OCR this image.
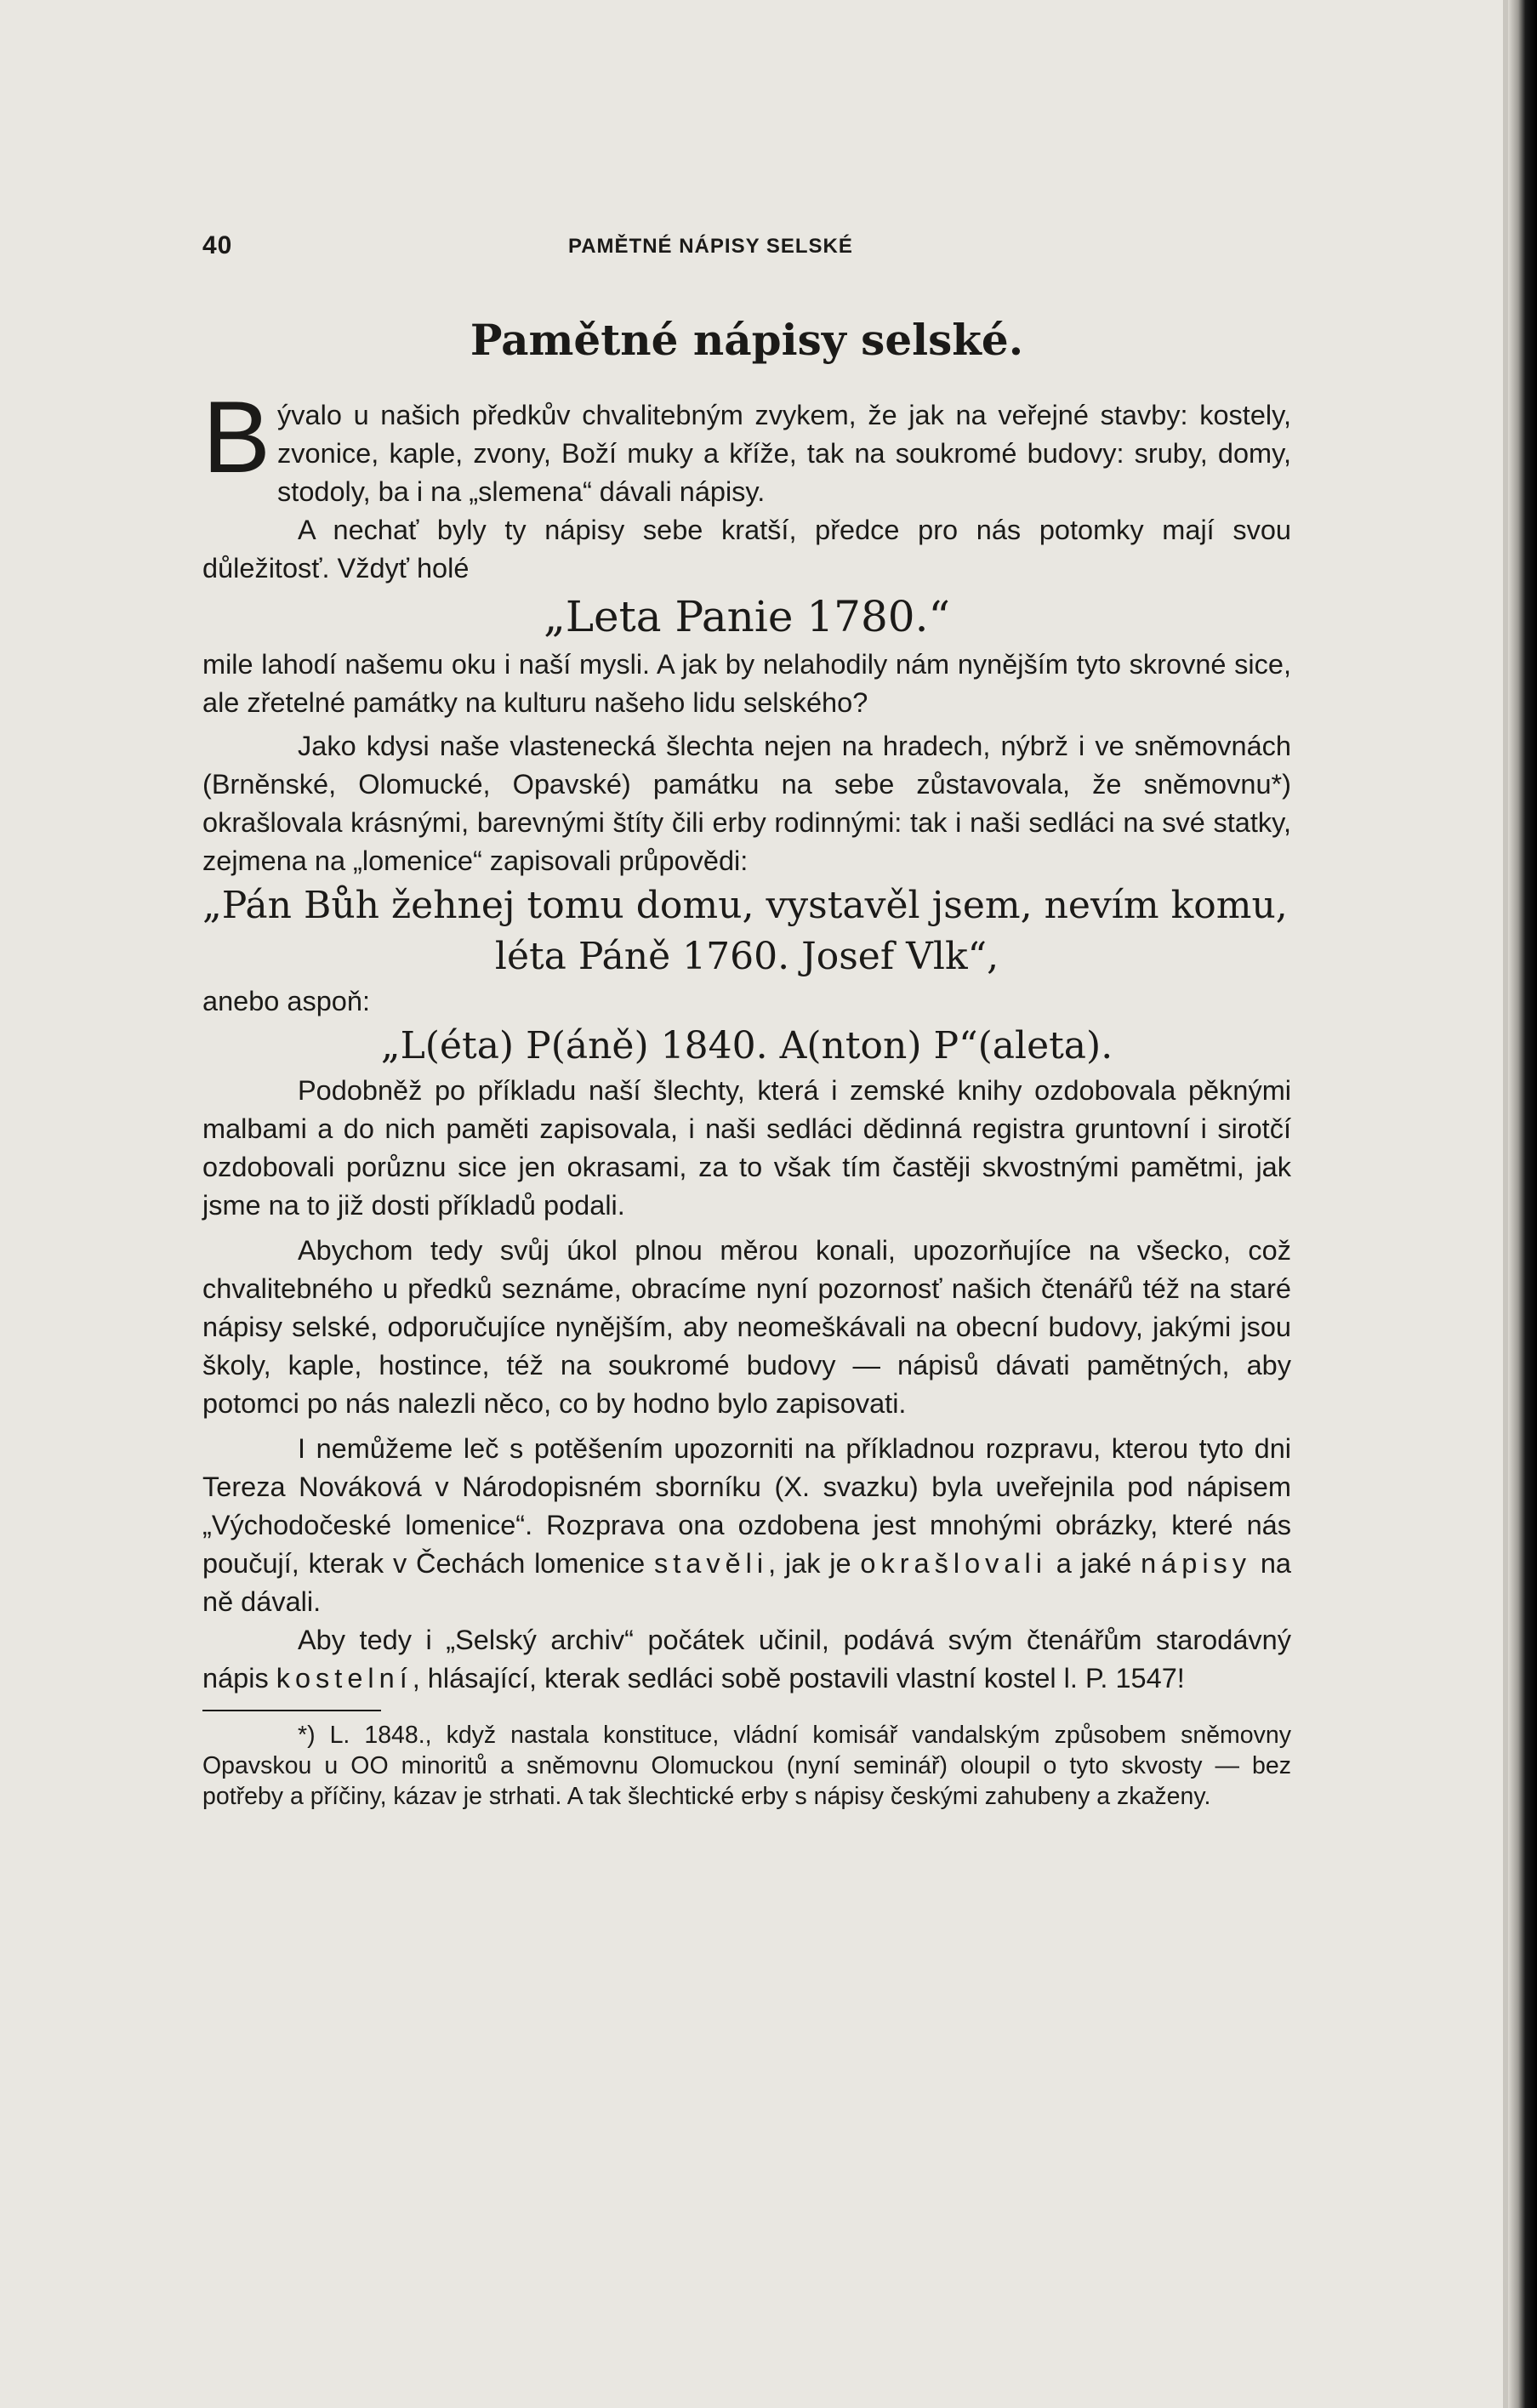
40	PAMĚTNÉ NÁPISY SELSKÉ
Pamětné nápisy selské.

Bývalo u našich předkův chvalitebným zvykem, že jak na veřejné stavby: kostely, zvonice, kaple, zvony, Boží muky a kříže, tak na soukromé budovy: sruby, domy, stodoly, ba i na „slemena“ dávali nápisy.

A nechať byly ty nápisy sebe kratší, předce pro nás potomky mají svou důležitosť. Vždyť holé

„Leta Panie 1780.“

mile lahodí našemu oku i naší mysli. A jak by nelahodily nám nynějším tyto skrovné sice, ale zřetelné památky na kulturu našeho lidu selského?

Jako kdysi naše vlastenecká šlechta nejen na hradech, nýbrž i ve sněmovnách (Brněnské, Olomucké, Opavské) památku na sebe zůstavovala, že sněmovnu*) okrašlovala krásnými, barevnými štíty čili erby rodinnými: tak i naši sedláci na své statky, zejmena na „lomenice“ zapisovali průpovědi:

„Pán Bůh žehnej tomu domu, vystavěl jsem, nevím komu,

léta Páně 1760. Josef Vlk“,

anebo aspoň:

„L(éta) P(áně) 1840. A(nton) P“(aleta).

Podobněž po příkladu naší šlechty, která i zemské knihy ozdobovala pěknými malbami a do nich paměti zapisovala, i naši sedláci dědinná registra gruntovní i sirotčí ozdobovali porůznu sice jen okrasami, za to však tím častěji skvostnými pamětmi, jak jsme na to již dosti příkladů podali.

Abychom tedy svůj úkol plnou měrou konali, upozorňujíce na všecko, což chvalitebného u předků seznáme, obracíme nyní pozornosť našich čtenářů též na staré nápisy selské, odporučujíce nynějším, aby neomeškávali na obecní budovy, jakými jsou školy, kaple, hostince, též na soukromé budovy — nápisů dávati pamětných, aby potomci po nás nalezli něco, co by hodno bylo zapisovati.

I nemůžeme leč s potěšením upozorniti na příkladnou rozpravu, kterou tyto dni Tereza Nováková v Národopisném sborníku (X. svazku) byla uveřejnila pod nápisem „Východočeské lomenice“. Rozprava ona ozdobena jest mnohými obrázky, které nás poučují, kterak v Čechách lomenice stavěli, jak je okrašlovali a jaké nápisy na ně dávali.

Aby tedy i „Selský archiv“ počátek učinil, podává svým čtenářům starodávný nápis kostelní, hlásající, kterak sedláci sobě postavili vlastní kostel l. P. 1547!

*) L. 1848., když nastala konstituce, vládní komisář vandalským způsobem sněmovny Opavskou u OO minoritů a sněmovnu Olomuckou (nyní seminář) oloupil o tyto skvosty — bez potřeby a příčiny, kázav je strhati. A tak šlechtické erby s nápisy českými zahubeny a zkaženy.
